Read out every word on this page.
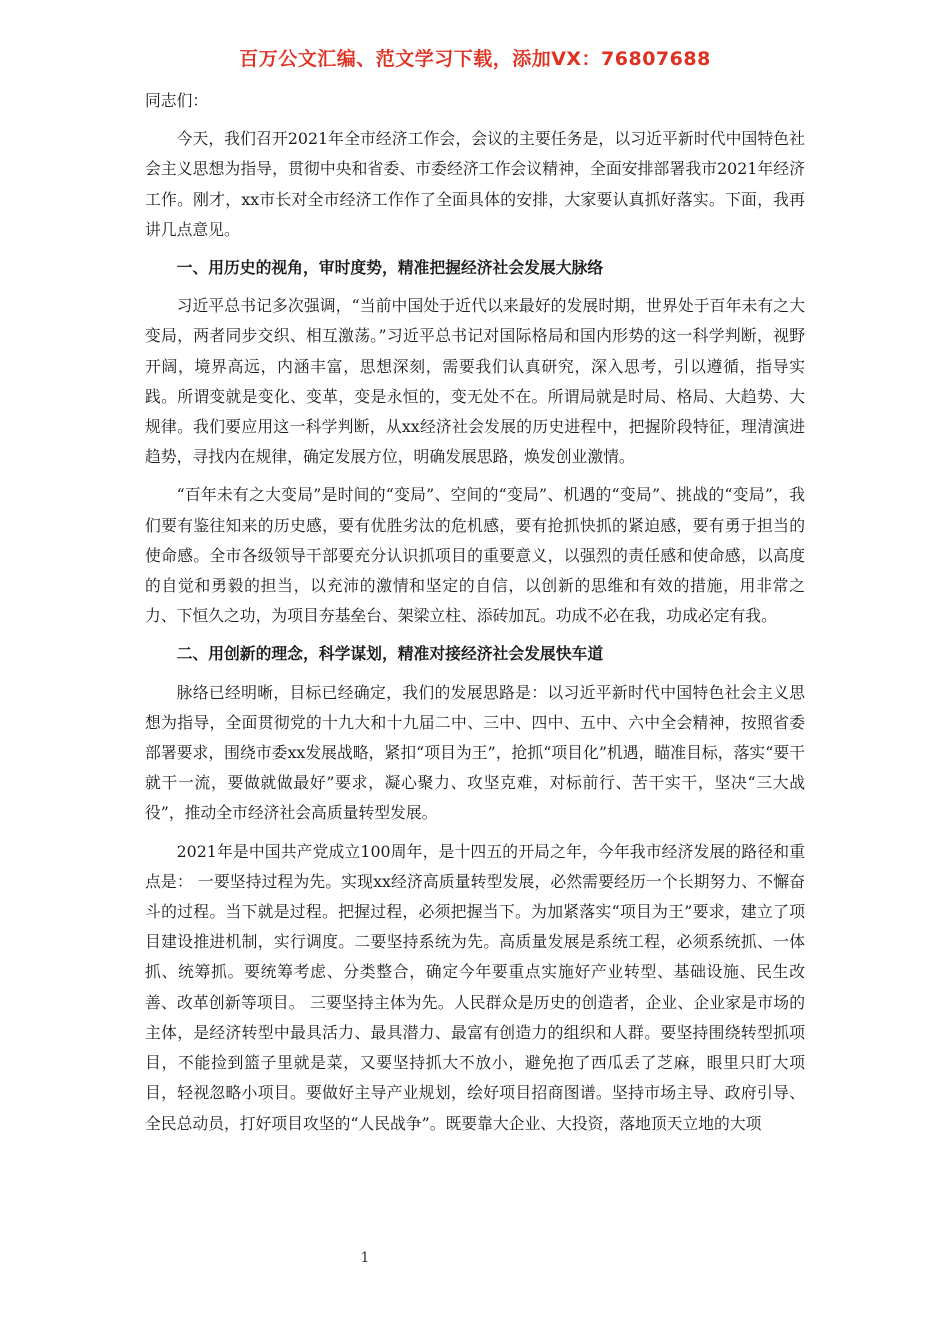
百万公文汇编、范文学习下载，添加VX：76807688

同志们：

今天，我们召开2021年全市经济工作会，会议的主要任务是，以习近平新时代中国特色社会主义思想为指导，贯彻中央和省委、市委经济工作会议精神，全面安排部署我市2021年经济工作。刚才，xx市长对全市经济工作作了全面具体的安排，大家要认真抓好落实。下面，我再讲几点意见。

一、用历史的视角，审时度势，精准把握经济社会发展大脉络

习近平总书记多次强调，“当前中国处于近代以来最好的发展时期，世界处于百年未有之大变局，两者同步交织、相互激荡。”习近平总书记对国际格局和国内形势的这一科学判断，视野开阔，境界高远，内涵丰富，思想深刻，需要我们认真研究，深入思考，引以遵循，指导实践。所谓变就是变化、变革，变是永恒的，变无处不在。所谓局就是时局、格局、大趋势、大规律。我们要应用这一科学判断，从xx经济社会发展的历史进程中，把握阶段特征，理清演进趋势，寻找内在规律，确定发展方位，明确发展思路，焕发创业激情。

“百年未有之大变局”是时间的“变局”、空间的“变局”、机遇的“变局”、挑战的“变局”，我们要有鉴往知来的历史感，要有优胜劣汰的危机感，要有抢抓快抓的紧迫感，要有勇于担当的使命感。全市各级领导干部要充分认识抓项目的重要意义，以强烈的责任感和使命感，以高度的自觉和勇毅的担当，以充沛的激情和坚定的自信，以创新的思维和有效的措施，用非常之力、下恒久之功，为项目夯基垒台、架梁立柱、添砖加瓦。功成不必在我，功成必定有我。

二、用创新的理念，科学谋划，精准对接经济社会发展快车道

脉络已经明晰，目标已经确定，我们的发展思路是：以习近平新时代中国特色社会主义思想为指导，全面贯彻党的十九大和十九届二中、三中、四中、五中、六中全会精神，按照省委部署要求，围绕市委xx发展战略，紧扣“项目为王”，抢抓“项目化”机遇，瞄准目标，落实“要干就干一流，要做就做最好”要求，凝心聚力、攻坚克难，对标前行、苦干实干，坚决“三大战役”，推动全市经济社会高质量转型发展。

2021年是中国共产党成立100周年，是十四五的开局之年，今年我市经济发展的路径和重点是： 一要坚持过程为先。实现xx经济高质量转型发展，必然需要经历一个长期努力、不懈奋斗的过程。当下就是过程。把握过程，必须把握当下。为加紧落实“项目为王”要求，建立了项目建设推进机制，实行调度。二要坚持系统为先。高质量发展是系统工程，必须系统抓、一体抓、统筹抓。要统筹考虑、分类整合，确定今年要重点实施好产业转型、基础设施、民生改善、改革创新等项目。 三要坚持主体为先。人民群众是历史的创造者，企业、企业家是市场的主体，是经济转型中最具活力、最具潜力、最富有创造力的组织和人群。要坚持围绕转型抓项目，不能捡到篮子里就是菜，又要坚持抓大不放小，避免抱了西瓜丢了芝麻，眼里只盯大项目，轻视忽略小项目。要做好主导产业规划，绘好项目招商图谱。坚持市场主导、政府引导、全民总动员，打好项目攻坚的“人民战争”。既要靠大企业、大投资，落地顶天立地的大项

1
